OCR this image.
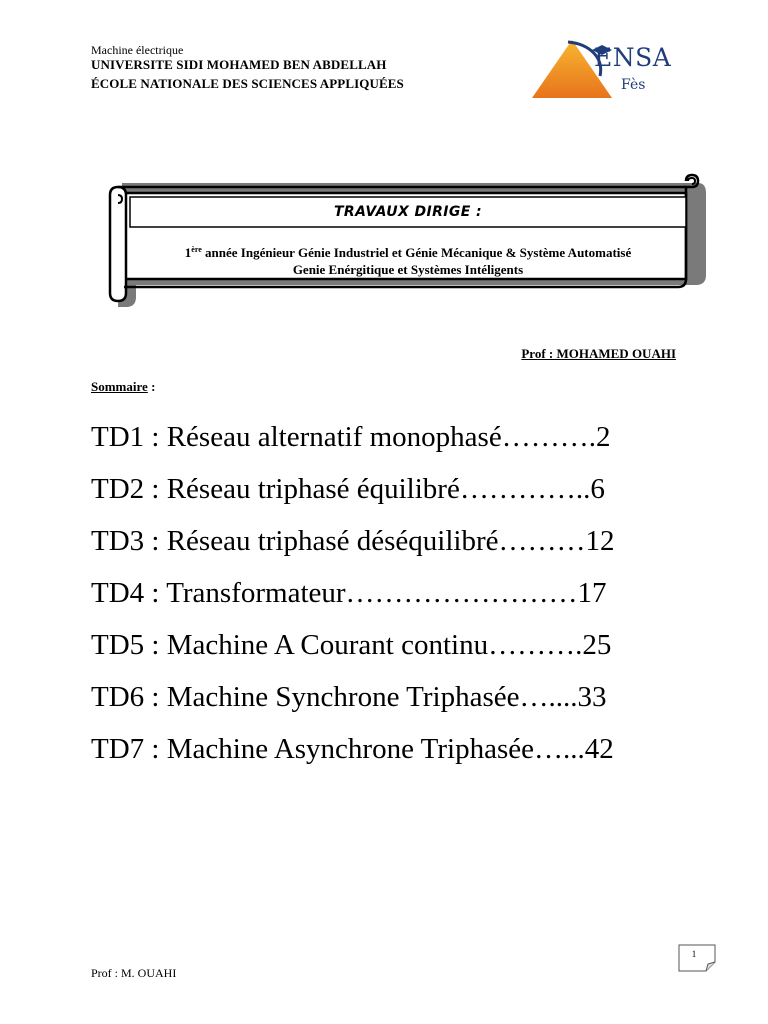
Machine électrique
UNIVERSITE SIDI MOHAMED BEN ABDELLAH
ÉCOLE NATIONALE DES SCIENCES APPLIQUÉES
ENSA
Fès
TRAVAUX DIRIGE :
1ère année Ingénieur Génie Industriel et Génie Mécanique & Système Automatisé
Genie Enérgitique et Systèmes Intéligents
Prof : MOHAMED OUAHI
Sommaire :
TD1 : Réseau alternatif monophasé……….2
TD2 : Réseau triphasé équilibré…………..6
TD3 : Réseau triphasé déséquilibré………12
TD4 : Transformateur……………………17
TD5 : Machine A Courant continu……….25
TD6 : Machine Synchrone Triphasée…....33
TD7 : Machine Asynchrone Triphasée…...42
1
Prof : M. OUAHI
